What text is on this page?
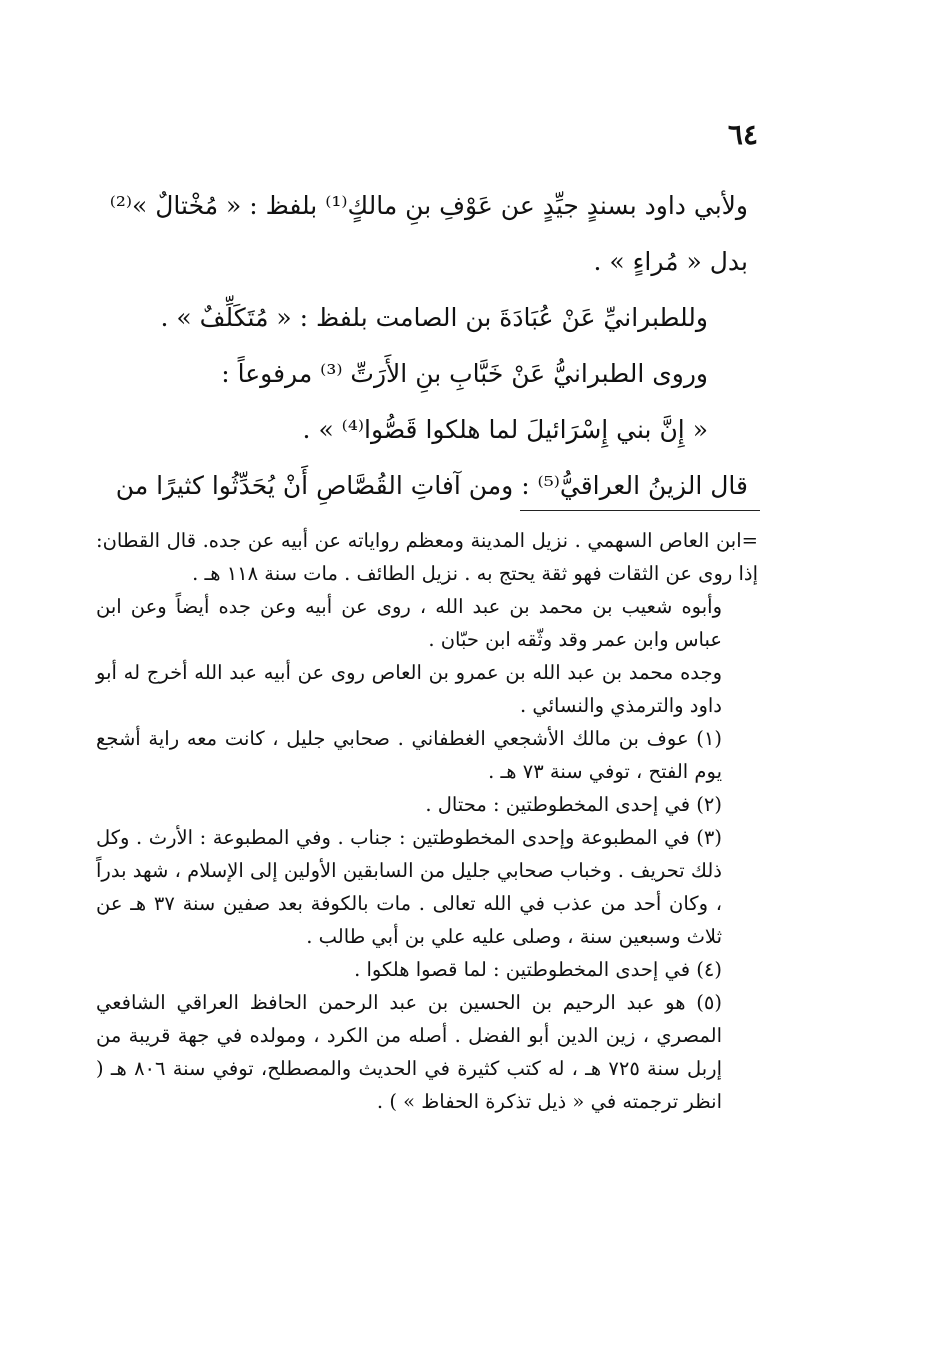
٦٤

ولأبي داود بسندٍ جيِّدٍ عن عَوْفِ بنِ مالكٍ⁽¹⁾ بلفظ : « مُخْتالٌ »⁽²⁾

بدل « مُراءٍ » .

وللطبرانيِّ عَنْ عُبَادَةَ بن الصامت بلفظ : « مُتَكَلِّفٌ » .

وروى الطبرانيُّ عَنْ خَبَّابِ بنِ الأَرَتِّ ⁽³⁾ مرفوعاً :

« إِنَّ بني إِسْرَائيلَ لما هلكوا قَصُّوا⁽⁴⁾ » .

قال الزينُ العراقيُّ⁽⁵⁾ : ومن آفاتِ القُصَّاصِ أَنْ يُحَدِّثُوا كثيرًا من

=ابن العاص السهمي . نزيل المدينة ومعظم رواياته عن أبيه عن جده. قال القطان: إذا روى عن الثقات فهو ثقة يحتج به . نزيل الطائف . مات سنة ١١٨ هـ .

وأبوه شعيب بن محمد بن عبد الله ، روى عن أبيه وعن جده أيضاً وعن ابن عباس وابن عمر وقد وثّقه ابن حبّان .

وجده محمد بن عبد الله بن عمرو بن العاص روى عن أبيه عبد الله أخرج له أبو داود والترمذي والنسائي .

(١) عوف بن مالك الأشجعي الغطفاني . صحابي جليل ، كانت معه راية أشجع يوم الفتح ، توفي سنة ٧٣ هـ .

(٢) في إحدى المخطوطتين : محتال .

(٣) في المطبوعة وإحدى المخطوطتين : جناب . وفي المطبوعة : الأرث . وكل ذلك تحريف . وخباب صحابي جليل من السابقين الأولين إلى الإسلام ، شهد بدراً ، وكان أحد من عذب في الله تعالى . مات بالكوفة بعد صفين سنة ٣٧ هـ عن ثلاث وسبعين سنة ، وصلى عليه علي بن أبي طالب .

(٤) في إحدى المخطوطتين : لما قصوا هلكوا .

(٥) هو عبد الرحيم بن الحسين بن عبد الرحمن الحافظ العراقي الشافعي المصري ، زين الدين أبو الفضل . أصله من الكرد ، ومولده في جهة قريبة من إربل سنة ٧٢٥ هـ ، له كتب كثيرة في الحديث والمصطلح، توفي سنة ٨٠٦ هـ ( انظر ترجمته في « ذيل تذكرة الحفاظ » ) .
